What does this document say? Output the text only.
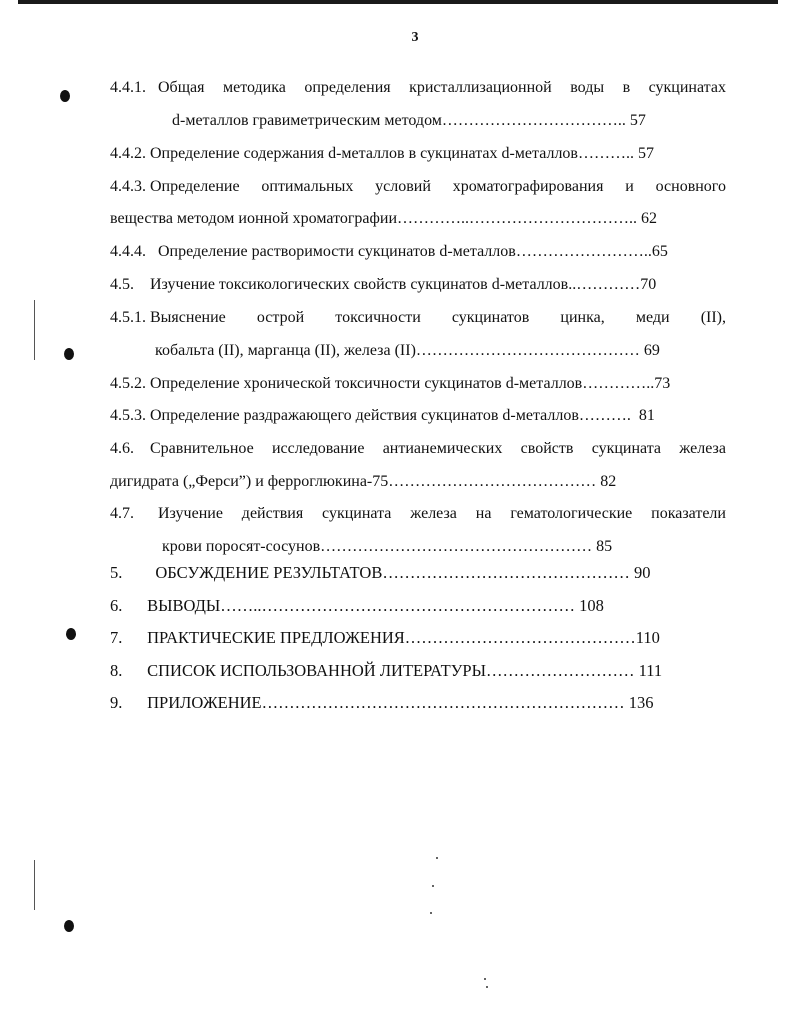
3
4.4.1. Общая методика определения кристаллизационной воды в сукцинатах
d-металлов гравиметрическим методом…………………………….. 57
4.4.2. Определение содержания d-металлов в сукцинатах d-металлов……….. 57
4.4.3. Определение оптимальных условий хроматографирования и основного
вещества методом ионной хроматографии…………..………………………….. 62
4.4.4. Определение растворимости сукцинатов d-металлов……………………..65
4.5. Изучение токсикологических свойств сукцинатов d-металлов..…………70
4.5.1. Выяснение острой токсичности сукцинатов цинка, меди (II),
кобальта (II), марганца (II), железа (II)…………………………………… 69
4.5.2. Определение хронической токсичности сукцинатов d-металлов…………..73
4.5.3. Определение раздражающего действия сукцинатов d-металлов………. 81
4.6. Сравнительное исследование антианемических свойств сукцината железа
дигидрата („Ферси”) и ферроглюкина-75………………………………… 82
4.7. Изучение действия сукцината железа на гематологические показатели
крови поросят-сосунов…………………………………………… 85
5. ОБСУЖДЕНИЕ РЕЗУЛЬТАТОВ……………………………………… 90
6. ВЫВОДЫ……..………………………………………………… 108
7. ПРАКТИЧЕСКИЕ ПРЕДЛОЖЕНИЯ……………………………………110
8. СПИСОК ИСПОЛЬЗОВАННОЙ ЛИТЕРАТУРЫ……………………… 111
9. ПРИЛОЖЕНИЕ………………………………………………………… 136
